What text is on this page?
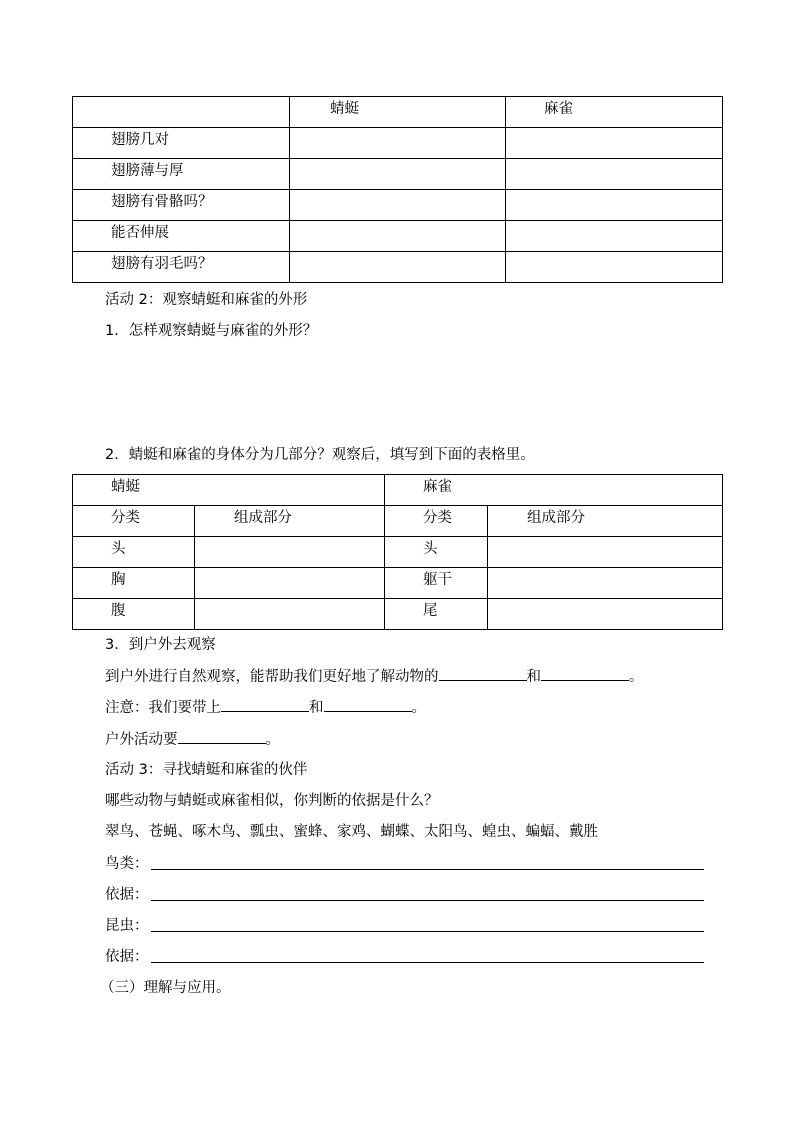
	蜻蜓	麻雀

翅膀几对		

翅膀薄与厚		

翅膀有骨骼吗？		

能否伸展		

翅膀有羽毛吗？		

活动 2：观察蜻蜓和麻雀的外形
1．怎样观察蜻蜓与麻雀的外形？
2．蜻蜓和麻雀的身体分为几部分？观察后，填写到下面的表格里。
蜻蜓		麻雀	

分类	组成部分	分类	组成部分

头		头	

胸		躯干	

腹		尾	

3．到户外去观察
到户外进行自然观察，能帮助我们更好地了解动物的	和	。
注意：我们要带上	和	。
户外活动要	。
活动 3：寻找蜻蜓和麻雀的伙伴
哪些动物与蜻蜓或麻雀相似，你判断的依据是什么？
翠鸟、苍蝇、啄木鸟、瓢虫、蜜蜂、家鸡、蝴蝶、太阳鸟、蝗虫、蝙蝠、戴胜
鸟类：
依据：
昆虫：
依据：
（三）理解与应用。
